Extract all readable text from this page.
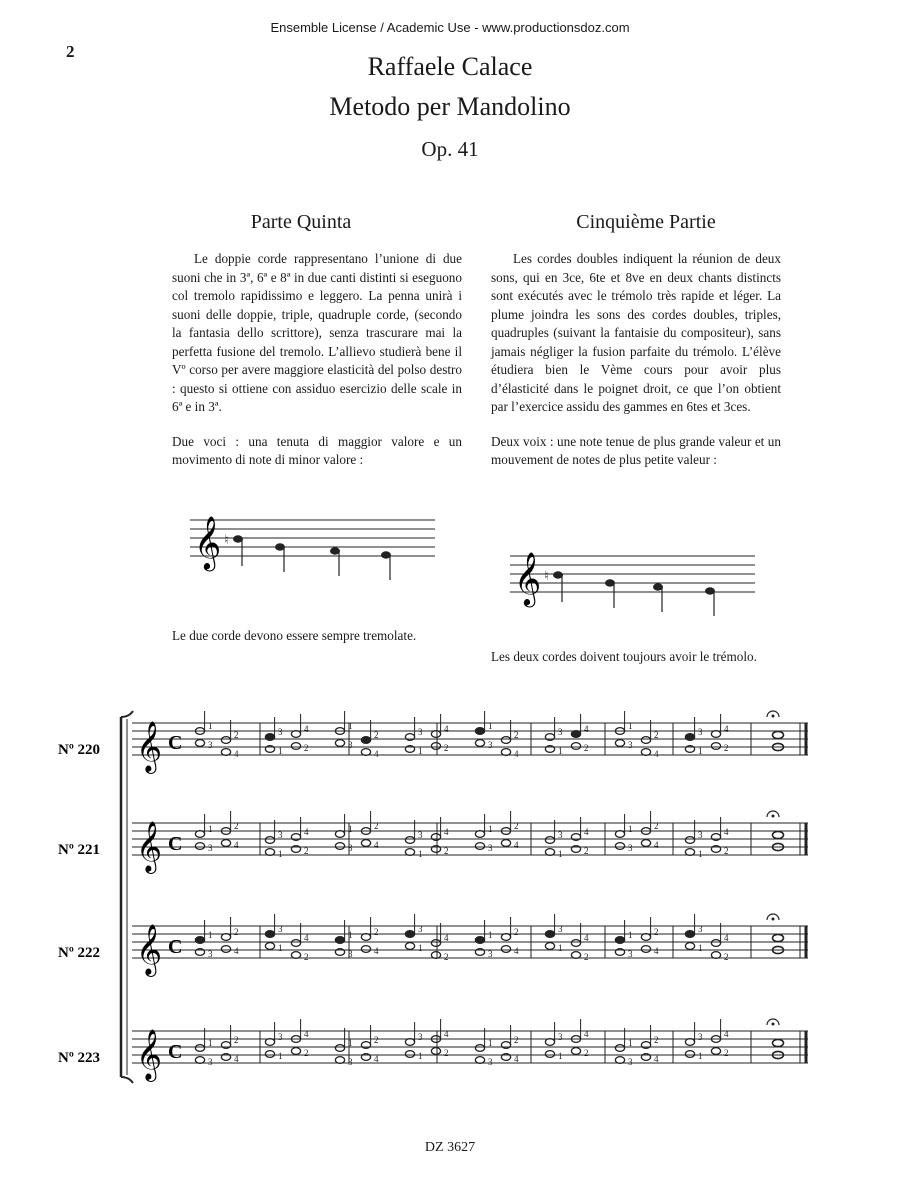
Ensemble License / Academic Use - www.productionsdoz.com
2
Raffaele Calace
Metodo per Mandolino
Op. 41
Parte Quinta

Le doppie corde rappresentano l’unione di due suoni che in 3ª, 6ª e 8ª in due canti distinti si eseguono col tremolo rapidissimo e leggero. La penna unirà i suoni delle doppie, triple, quadruple corde, (secondo la fantasia dello scrittore), senza trascurare mai la perfetta fusione del tremolo. L’allievo studierà bene il Vº corso per avere maggiore elasticità del polso destro : questo si ottiene con assiduo esercizio delle scale in 6ª e in 3ª.

Due voci : una tenuta di maggior valore e un movimento di note di minor valore :

𝄞 ♮
Le due corde devono essere sempre tremolate.
Cinquième Partie

Les cordes doubles indiquent la réunion de deux sons, qui en 3ce, 6te et 8ve en deux chants distincts sont exécutés avec le trémolo très rapide et léger. La plume joindra les sons des cordes doubles, triples, quadruples (suivant la fantaisie du compositeur), sans jamais négliger la fusion parfaite du trémolo. L’élève étudiera bien le Vème cours pour avoir plus d’élasticité dans le poignet droit, ce que l’on obtient par l’exercice assidu des gammes en 6tes et 3ces.

Deux voix : une note tenue de plus grande valeur et un mouvement de notes de plus petite valeur :

𝄞 ♮
Les deux cordes doivent toujours avoir le trémolo.
Nº 220
Nº 221
Nº 222
Nº 223
C
C
C
C
𝄞	1
3
2
4
3
1
4
2
1
3
2
4
3
1
4
2
1
3
2
4
3
1
4
2
1
3
2
4
3
1
4
2
𝄞	1
3
2
4
3
1
4
2
1
3
2
4
3
1
4
2
1
3
2
4
3
1
4
2
1
3
2
4
3
1
4
2
𝄞	1
3
2
4
3
1
4
2
1
3
2
4
3
1
4
2
1
3
2
4
3
1
4
2
1
3
2
4
3
1
4
2
𝄞	1
3
2
4
3
1
4
2
1
3
2
4
3
1
4
2
1
3
2
4
3
1
4
2
1
3
2
4
3
1
4
2
DZ 3627
